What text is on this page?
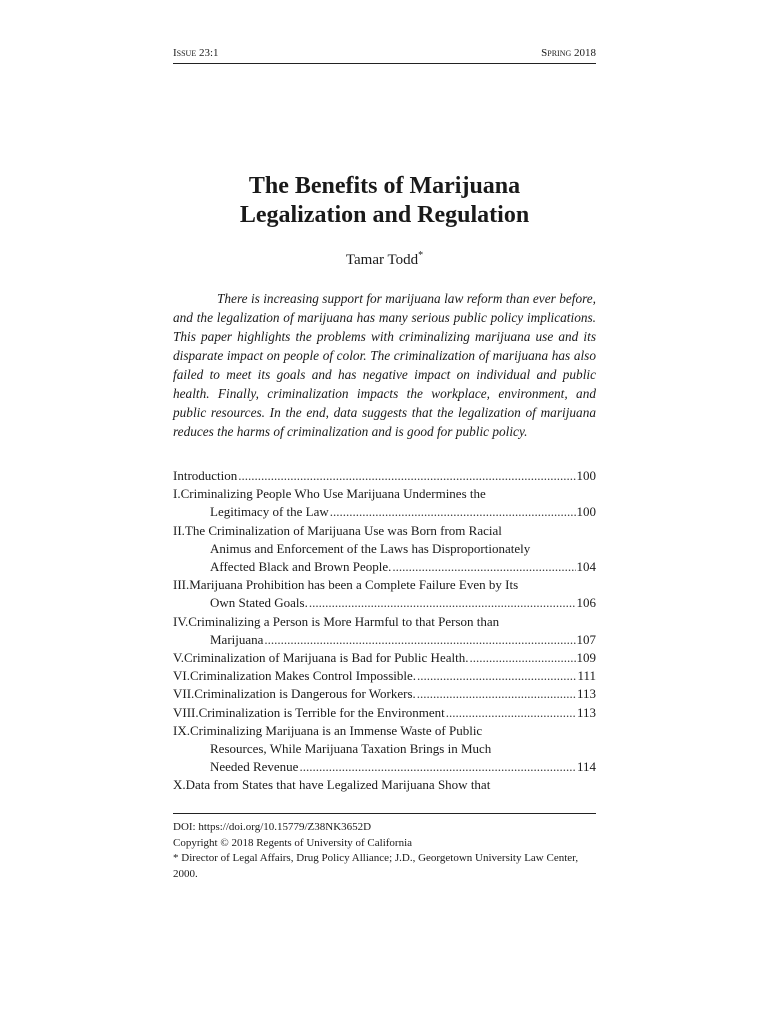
Issue 23:1	Spring 2018
The Benefits of Marijuana
Legalization and Regulation
Tamar Todd*
There is increasing support for marijuana law reform than ever before, and the legalization of marijuana has many serious public policy implications. This paper highlights the problems with criminalizing marijuana use and its disparate impact on people of color. The criminalization of marijuana has also failed to meet its goals and has negative impact on individual and public health. Finally, criminalization impacts the workplace, environment, and public resources. In the end, data suggests that the legalization of marijuana reduces the harms of criminalization and is good for public policy.
Introduction .....	100
I.Criminalizing People Who Use Marijuana Undermines the
Legitimacy of the Law .....	100
II.The Criminalization of Marijuana Use was Born from Racial
Animus and Enforcement of the Laws has Disproportionately
Affected Black and Brown People. .....	104
III.Marijuana Prohibition has been a Complete Failure Even by Its
Own Stated Goals. .....	106
IV.Criminalizing a Person is More Harmful to that Person than
Marijuana .....	107
V.Criminalization of Marijuana is Bad for Public Health. .....	109
VI.Criminalization Makes Control Impossible. .....	111
VII.Criminalization is Dangerous for Workers. .....	113
VIII.Criminalization is Terrible for the Environment .....	113
IX.Criminalizing Marijuana is an Immense Waste of Public
Resources, While Marijuana Taxation Brings in Much
Needed Revenue .....	114
X.Data from States that have Legalized Marijuana Show that
DOI: https://doi.org/10.15779/Z38NK3652D
Copyright © 2018 Regents of University of California
* Director of Legal Affairs, Drug Policy Alliance; J.D., Georgetown University Law Center, 2000.
